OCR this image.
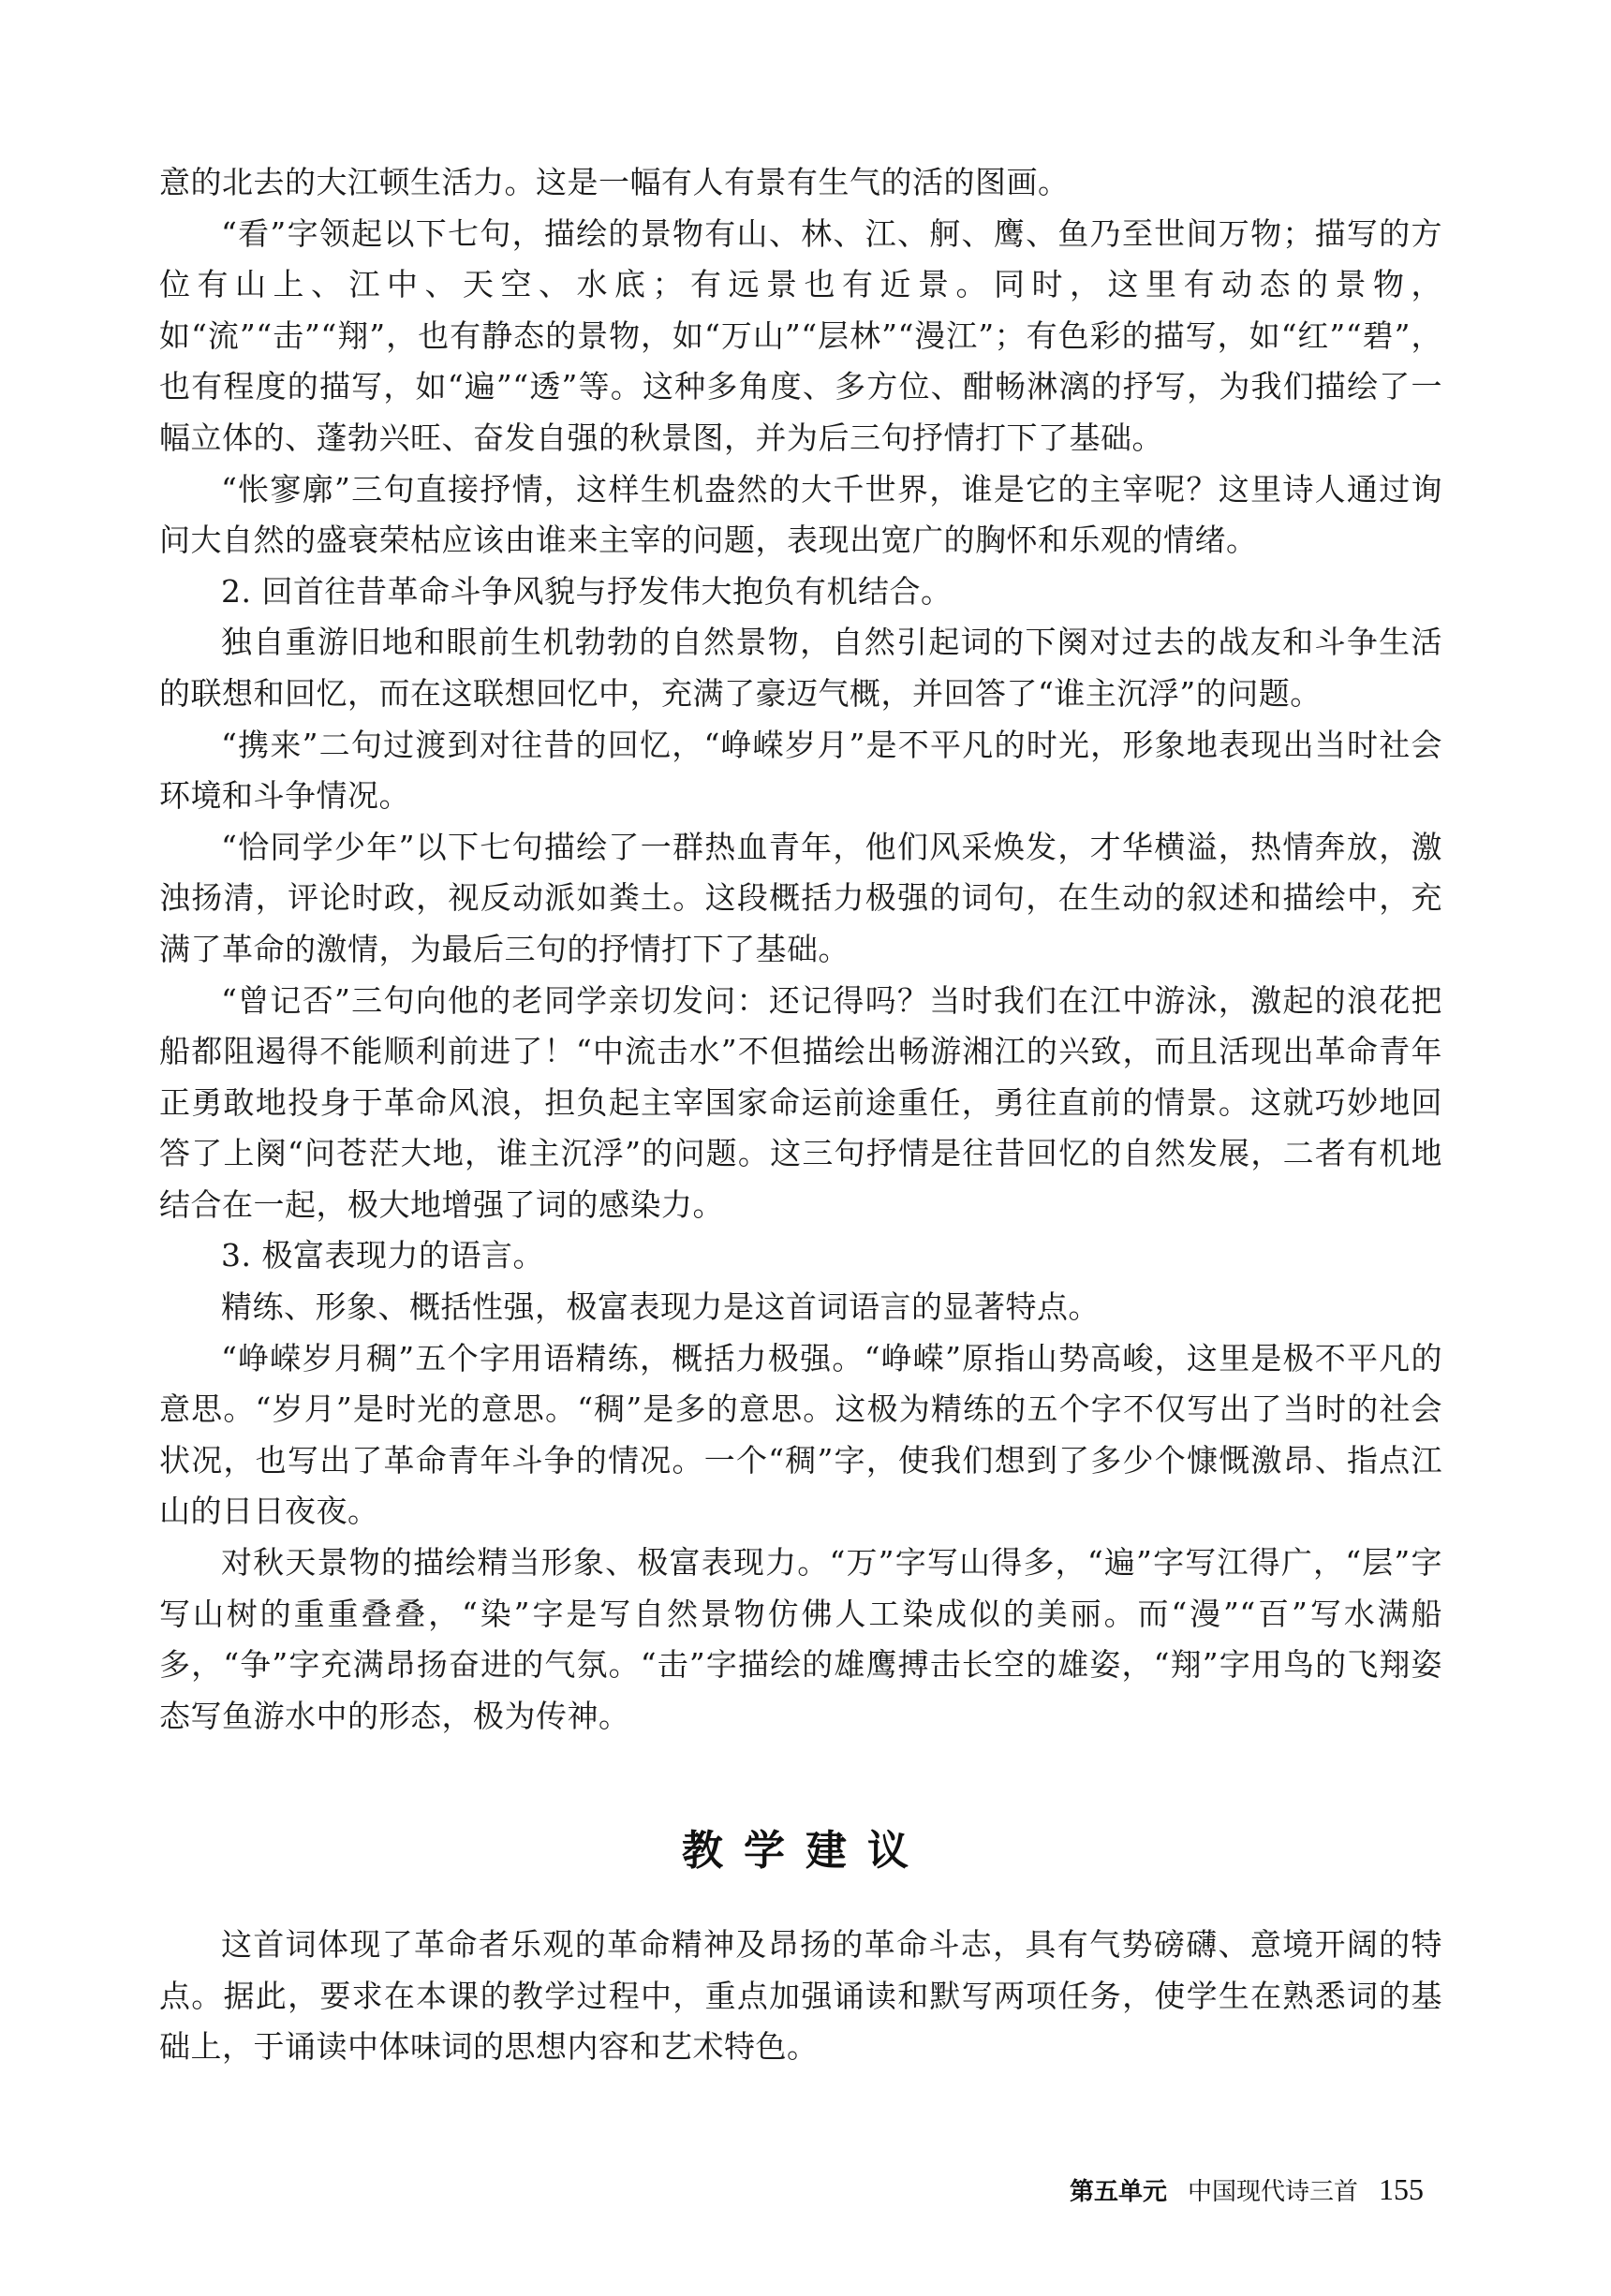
意的北去的大江顿生活力。这是一幅有人有景有生气的活的图画。

“看”字领起以下七句，描绘的景物有山、林、江、舸、鹰、鱼乃至世间万物；描写的方位有山上、江中、天空、水底；有远景也有近景。同时，这里有动态的景物，如“流”“击”“翔”，也有静态的景物，如“万山”“层林”“漫江”；有色彩的描写，如“红”“碧”，也有程度的描写，如“遍”“透”等。这种多角度、多方位、酣畅淋漓的抒写，为我们描绘了一幅立体的、蓬勃兴旺、奋发自强的秋景图，并为后三句抒情打下了基础。

“怅寥廓”三句直接抒情，这样生机盎然的大千世界，谁是它的主宰呢？这里诗人通过询问大自然的盛衰荣枯应该由谁来主宰的问题，表现出宽广的胸怀和乐观的情绪。

2. 回首往昔革命斗争风貌与抒发伟大抱负有机结合。

独自重游旧地和眼前生机勃勃的自然景物，自然引起词的下阕对过去的战友和斗争生活的联想和回忆，而在这联想回忆中，充满了豪迈气概，并回答了“谁主沉浮”的问题。

“携来”二句过渡到对往昔的回忆，“峥嵘岁月”是不平凡的时光，形象地表现出当时社会环境和斗争情况。

“恰同学少年”以下七句描绘了一群热血青年，他们风采焕发，才华横溢，热情奔放，激浊扬清，评论时政，视反动派如粪土。这段概括力极强的词句，在生动的叙述和描绘中，充满了革命的激情，为最后三句的抒情打下了基础。

“曾记否”三句向他的老同学亲切发问：还记得吗？当时我们在江中游泳，激起的浪花把船都阻遏得不能顺利前进了！“中流击水”不但描绘出畅游湘江的兴致，而且活现出革命青年正勇敢地投身于革命风浪，担负起主宰国家命运前途重任，勇往直前的情景。这就巧妙地回答了上阕“问苍茫大地，谁主沉浮”的问题。这三句抒情是往昔回忆的自然发展，二者有机地结合在一起，极大地增强了词的感染力。

3. 极富表现力的语言。

精练、形象、概括性强，极富表现力是这首词语言的显著特点。

“峥嵘岁月稠”五个字用语精练，概括力极强。“峥嵘”原指山势高峻，这里是极不平凡的意思。“岁月”是时光的意思。“稠”是多的意思。这极为精练的五个字不仅写出了当时的社会状况，也写出了革命青年斗争的情况。一个“稠”字，使我们想到了多少个慷慨激昂、指点江山的日日夜夜。

对秋天景物的描绘精当形象、极富表现力。“万”字写山得多，“遍”字写江得广，“层”字写山树的重重叠叠，“染”字是写自然景物仿佛人工染成似的美丽。而“漫”“百”写水满船多，“争”字充满昂扬奋进的气氛。“击”字描绘的雄鹰搏击长空的雄姿，“翔”字用鸟的飞翔姿态写鱼游水中的形态，极为传神。

教学建议

这首词体现了革命者乐观的革命精神及昂扬的革命斗志，具有气势磅礴、意境开阔的特点。据此，要求在本课的教学过程中，重点加强诵读和默写两项任务，使学生在熟悉词的基础上，于诵读中体味词的思想内容和艺术特色。

第五单元 中国现代诗三首 155
